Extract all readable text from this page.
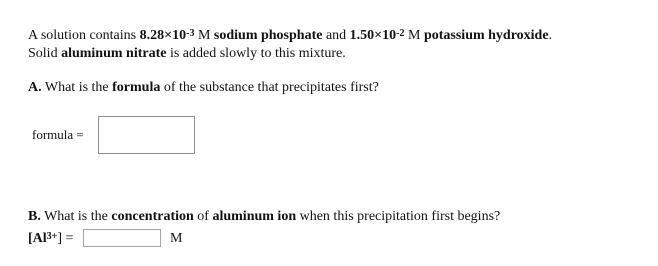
A solution contains $8.28\times 10^{-3}$ M sodium phosphate and $1.50\times 10^{-2}$ M potassium hydroxide.
Solid aluminum nitrate is added slowly to this mixture.
A. What is the formula of the substance that precipitates first?
formula =
B. What is the concentration of aluminum ion when this precipitation first begins?
$[Al^{3+}]$ =	M
